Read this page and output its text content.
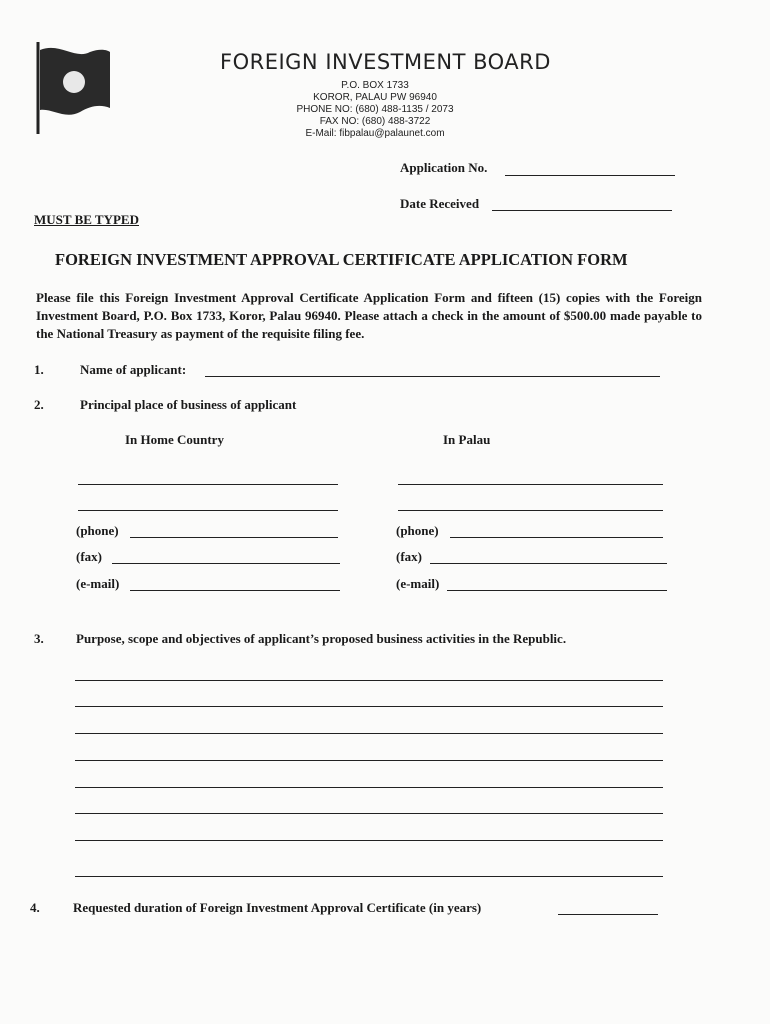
FOREIGN INVESTMENT BOARD
P.O. BOX 1733
KOROR, PALAU PW 96940
PHONE NO: (680) 488-1135 / 2073
FAX NO: (680) 488-3722
E-Mail: fibpalau@palaunet.com
Application No.
Date Received
MUST BE TYPED
FOREIGN INVESTMENT APPROVAL CERTIFICATE APPLICATION FORM
Please file this Foreign Investment Approval Certificate Application Form and fifteen (15) copies with the Foreign Investment Board, P.O. Box 1733, Koror, Palau 96940. Please attach a check in the amount of $500.00 made payable to the National Treasury as payment of the requisite filing fee.
1.	Name of applicant:
2.	Principal place of business of applicant
In Home Country	In Palau
(phone)	(phone)
(fax)	(fax)
(e-mail)	(e-mail)
3. Purpose, scope and objectives of applicant’s proposed business activities in the Republic.
4.	Requested duration of Foreign Investment Approval Certificate (in years)
